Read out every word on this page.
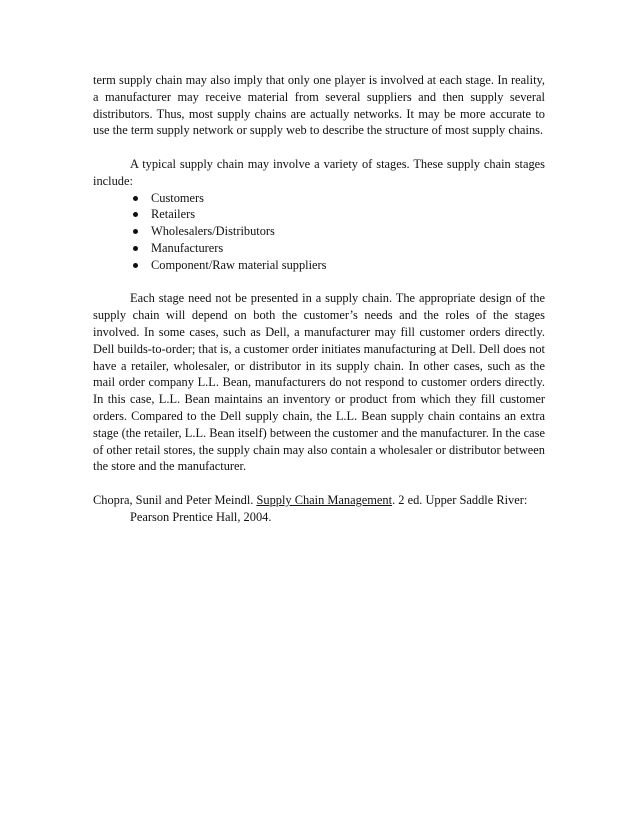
term supply chain may also imply that only one player is involved at each stage. In reality, a manufacturer may receive material from several suppliers and then supply several distributors. Thus, most supply chains are actually networks. It may be more accurate to use the term supply network or supply web to describe the structure of most supply chains.

A typical supply chain may involve a variety of stages. These supply chain stages include:

Customers
Retailers
Wholesalers/Distributors
Manufacturers
Component/Raw material suppliers

Each stage need not be presented in a supply chain. The appropriate design of the supply chain will depend on both the customer’s needs and the roles of the stages involved. In some cases, such as Dell, a manufacturer may fill customer orders directly. Dell builds-to-order; that is, a customer order initiates manufacturing at Dell. Dell does not have a retailer, wholesaler, or distributor in its supply chain. In other cases, such as the mail order company L.L. Bean, manufacturers do not respond to customer orders directly. In this case, L.L. Bean maintains an inventory or product from which they fill customer orders. Compared to the Dell supply chain, the L.L. Bean supply chain contains an extra stage (the retailer, L.L. Bean itself) between the customer and the manufacturer. In the case of other retail stores, the supply chain may also contain a wholesaler or distributor between the store and the manufacturer.

Chopra, Sunil and Peter Meindl. Supply Chain Management. 2 ed. Upper Saddle River: Pearson Prentice Hall, 2004.
